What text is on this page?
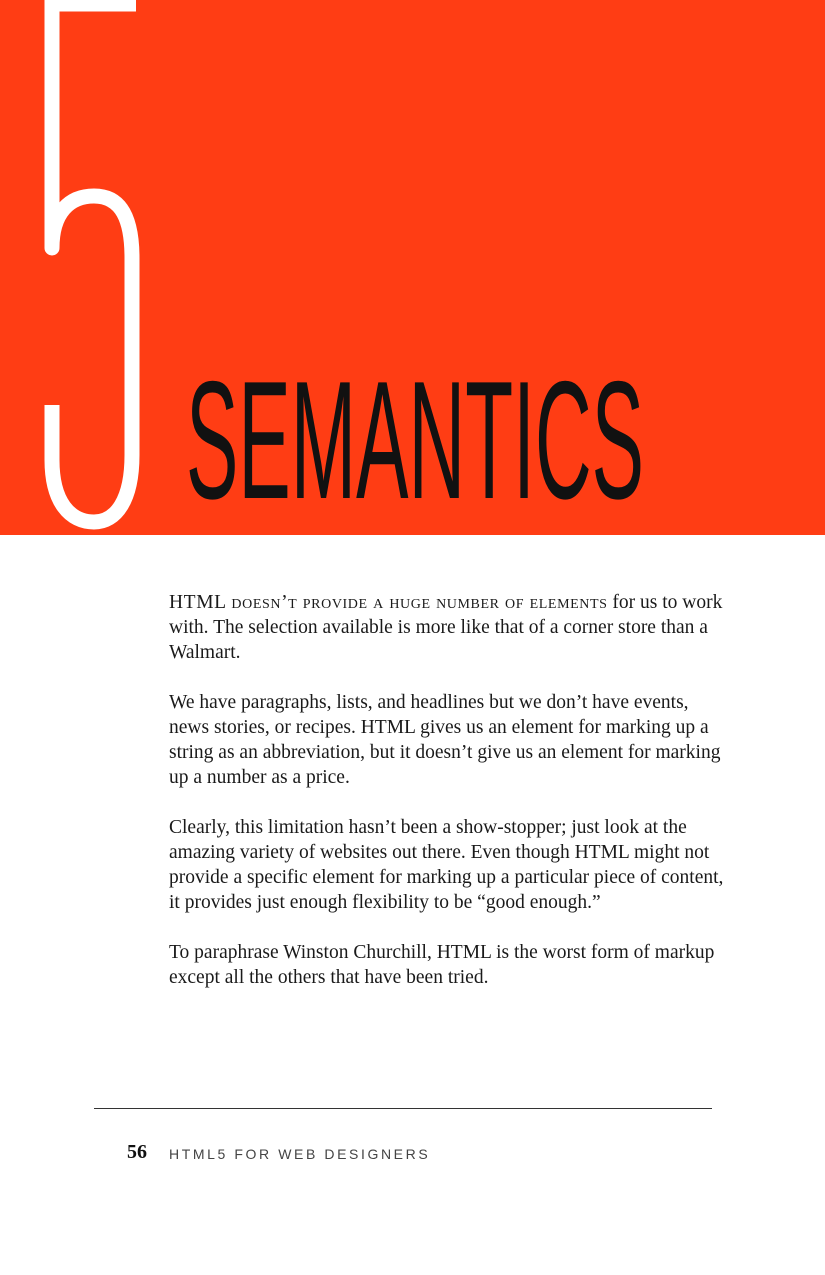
5
SEMANTICS

HTML doesn’t provide a huge number of elements for us to work with. The selection available is more like that of a corner store than a Walmart.

We have paragraphs, lists, and headlines but we don’t have events, news stories, or recipes. HTML gives us an element for marking up a string as an abbreviation, but it doesn’t give us an element for marking up a number as a price.

Clearly, this limitation hasn’t been a show-stopper; just look at the amazing variety of websites out there. Even though HTML might not provide a specific element for marking up a particular piece of content, it provides just enough flexibility to be “good enough.”

To paraphrase Winston Churchill, HTML is the worst form of markup except all the others that have been tried.

56 HTML5 FOR WEB DESIGNERS
